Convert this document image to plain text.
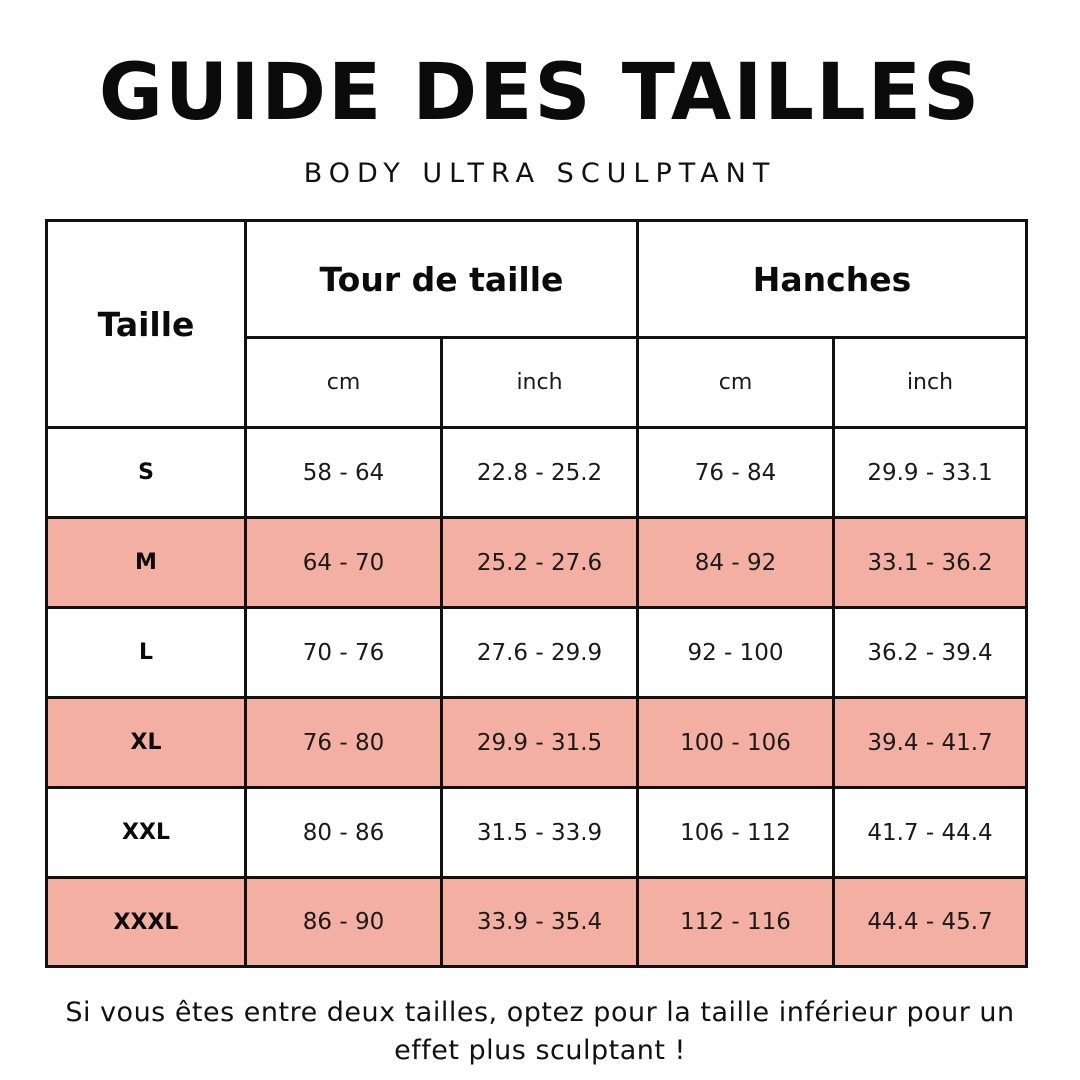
GUIDE DES TAILLES
BODY ULTRA SCULPTANT
Taille
Tour de taille	Hanches
cm	inch	cm	inch
S	58 - 64	22.8 - 25.2	76 - 84	29.9 - 33.1
M	64 - 70	25.2 - 27.6	84 - 92	33.1 - 36.2
L	70 - 76	27.6 - 29.9	92 - 100	36.2 - 39.4
XL	76 - 80	29.9 - 31.5	100 - 106	39.4 - 41.7
XXL	80 - 86	31.5 - 33.9	106 - 112	41.7 - 44.4
XXXL	86 - 90	33.9 - 35.4	112 - 116	44.4 - 45.7
Si vous êtes entre deux tailles, optez pour la taille inférieur pour un effet plus sculptant !
